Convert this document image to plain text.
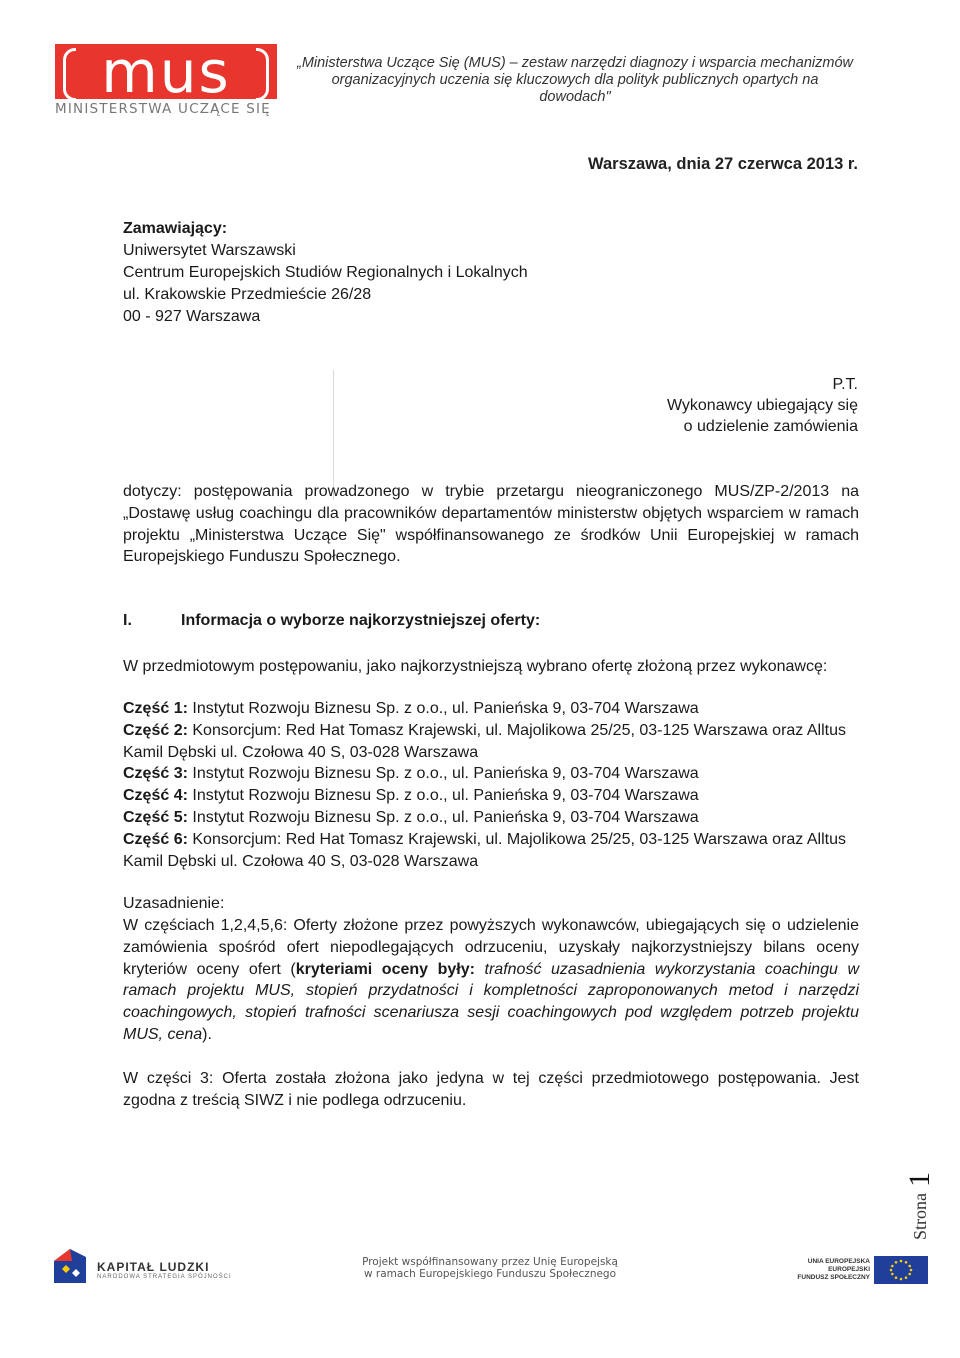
mus
MINISTERSTWA UCZĄCE SIĘ
„Ministerstwa Uczące Się (MUS) – zestaw narzędzi diagnozy i wsparcia mechanizmów organizacyjnych uczenia się kluczowych dla polityk publicznych opartych na dowodach"
Warszawa, dnia 27 czerwca 2013 r.
Zamawiający:
Uniwersytet Warszawski
Centrum Europejskich Studiów Regionalnych i Lokalnych
ul. Krakowskie Przedmieście 26/28
00 - 927 Warszawa
P.T.
Wykonawcy ubiegający się
o udzielenie zamówienia
dotyczy: postępowania prowadzonego w trybie przetargu nieograniczonego MUS/ZP-2/2013 na „Dostawę usług coachingu dla pracowników departamentów ministerstw objętych wsparciem w ramach projektu „Ministerstwa Uczące Się" współfinansowanego ze środków Unii Europejskiej w ramach Europejskiego Funduszu Społecznego.
I.	Informacja o wyborze najkorzystniejszej oferty:
W przedmiotowym postępowaniu, jako najkorzystniejszą wybrano ofertę złożoną przez wykonawcę:
Część 1: Instytut Rozwoju Biznesu Sp. z o.o., ul. Panieńska 9, 03-704 Warszawa
Część 2: Konsorcjum: Red Hat Tomasz Krajewski, ul. Majolikowa 25/25, 03-125 Warszawa oraz Alltus Kamil Dębski ul. Czołowa 40 S, 03-028 Warszawa
Część 3: Instytut Rozwoju Biznesu Sp. z o.o., ul. Panieńska 9, 03-704 Warszawa
Część 4: Instytut Rozwoju Biznesu Sp. z o.o., ul. Panieńska 9, 03-704 Warszawa
Część 5: Instytut Rozwoju Biznesu Sp. z o.o., ul. Panieńska 9, 03-704 Warszawa
Część 6: Konsorcjum: Red Hat Tomasz Krajewski, ul. Majolikowa 25/25, 03-125 Warszawa oraz Alltus Kamil Dębski ul. Czołowa 40 S, 03-028 Warszawa
Uzasadnienie:
W częściach 1,2,4,5,6: Oferty złożone przez powyższych wykonawców, ubiegających się o udzielenie zamówienia spośród ofert niepodlegających odrzuceniu, uzyskały najkorzystniejszy bilans oceny kryteriów oceny ofert (kryteriami oceny były: trafność uzasadnienia wykorzystania coachingu w ramach projektu MUS, stopień przydatności i kompletności zaproponowanych metod i narzędzi coachingowych, stopień trafności scenariusza sesji coachingowych pod względem potrzeb projektu MUS, cena).
W części 3: Oferta została złożona jako jedyna w tej części przedmiotowego postępowania. Jest zgodna z treścią SIWZ i nie podlega odrzuceniu.
Strona
1
KAPITAŁ LUDZKI
NARODOWA STRATEGIA SPÓJNOŚCI
Projekt współfinansowany przez Unię Europejską
w ramach Europejskiego Funduszu Społecznego
UNIA EUROPEJSKA
EUROPEJSKI
FUNDUSZ SPOŁECZNY
